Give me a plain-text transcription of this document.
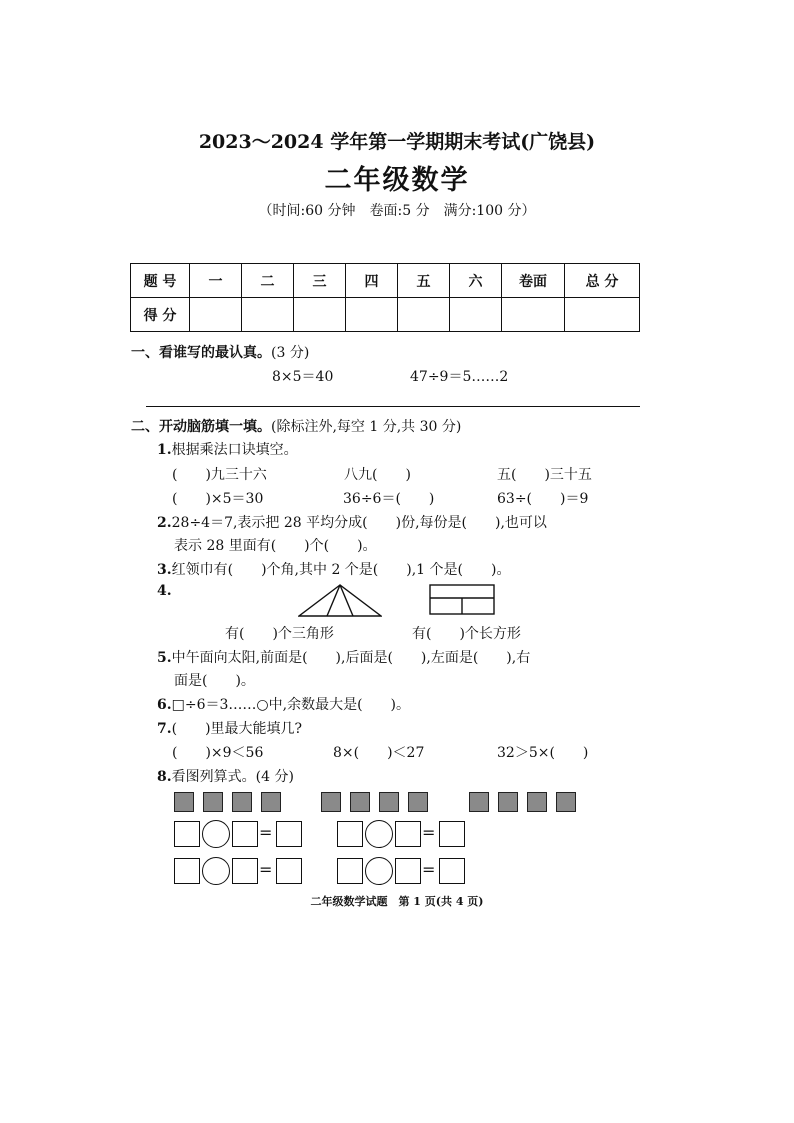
2023～2024 学年第一学期期末考试(广饶县)
二年级数学
（时间:60 分钟　卷面:5 分　满分:100 分）
题 号	一	二	三	四	五	六	卷面	总 分
得 分								
一、看谁写的最认真。(3 分)
8×5＝40	47÷9＝5……2
二、开动脑筋填一填。(除标注外,每空 1 分,共 30 分)
1.根据乘法口诀填空。
(　　)九三十六	八九(　　)	五(　　)三十五
(　　)×5＝30	36÷6＝(　　)	63÷(　　)＝9
2.28÷4＝7,表示把 28 平均分成(　　)份,每份是(　　),也可以
表示 28 里面有(　　)个(　　)。
3.红领巾有(　　)个角,其中 2 个是(　　),1 个是(　　)。
4.
有(　　)个三角形	有(　　)个长方形
5.中午面向太阳,前面是(　　),后面是(　　),左面是(　　),右
面是(　　)。
6.□÷6＝3……○中,余数最大是(　　)。
7.(　　)里最大能填几?
(　　)×9＜56	8×(　　)＜27	32＞5×(　　)
8.看图列算式。(4 分)
=	=
=	=
二年级数学试题　第 1 页(共 4 页)
